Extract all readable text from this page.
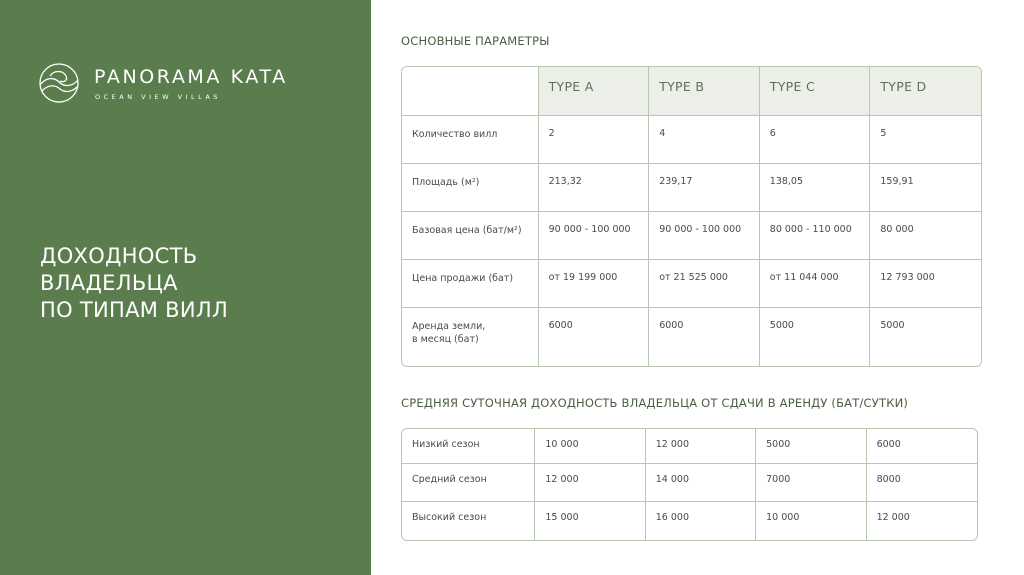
PANORAMA KATA
OCEAN VIEW VILLAS
ДОХОДНОСТЬ
ВЛАДЕЛЬЦА
ПО ТИПАМ ВИЛЛ
ОСНОВНЫЕ ПАРАМЕТРЫ
	TYPE A	TYPE B	TYPE C	TYPE D
Количество вилл	2	4	6	5
Площадь (м²)	213,32	239,17	138,05	159,91
Базовая цена (бат/м²)	90 000 - 100 000	90 000 - 100 000	80 000 - 110 000	80 000
Цена продажи (бат)	от 19 199 000	от 21 525 000	от 11 044 000	12 793 000

Аренда земли,
в месяц (бат)	6000	6000	5000	5000
СРЕДНЯЯ СУТОЧНАЯ ДОХОДНОСТЬ ВЛАДЕЛЬЦА ОТ СДАЧИ В АРЕНДУ (БАТ/СУТКИ)
Низкий сезон	10 000	12 000	5000	6000
Средний сезон	12 000	14 000	7000	8000
Высокий сезон	15 000	16 000	10 000	12 000
